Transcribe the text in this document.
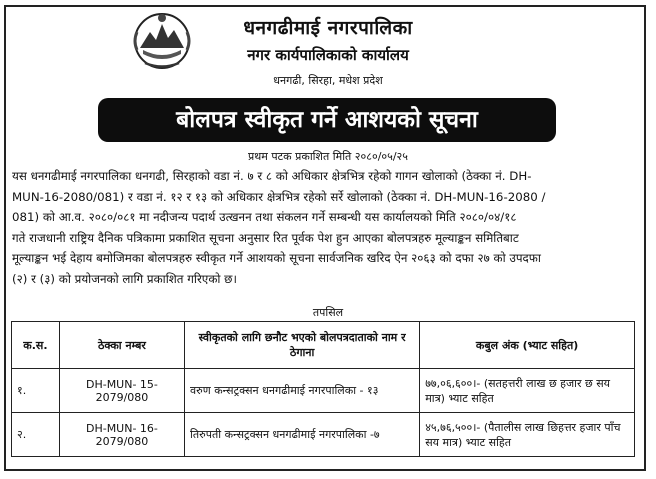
धनगढीमाई नगरपालिका
नगर कार्यपालिकाको कार्यालय
धनगढी, सिरहा, मधेश प्रदेश
बोलपत्र स्वीकृत गर्ने आशयको सूचना
प्रथम पटक प्रकाशित मिति २०८०/०५/२५
यस धनगढीमाई नगरपालिका धनगढी, सिरहाको वडा नं. ७ र ८ को अधिकार क्षेत्रभित्र रहेको गागन खोलाको (ठेक्का नं. DH-
MUN-16-2080/081) र वडा नं. १२ र १३ को अधिकार क्षेत्रभित्र रहेको सर्रे खोलाको (ठेक्का नं. DH-MUN-16-2080 /
081) को आ.व. २०८०/०८१ मा नदीजन्य पदार्थ उत्खनन तथा संकलन गर्ने सम्बन्धी यस कार्यालयको मिति २०८०/०४/१८
गते राजधानी राष्ट्रिय दैनिक पत्रिकामा प्रकाशित सूचना अनुसार रित पूर्वक पेश हुन आएका बोलपत्रहरु मूल्याङ्कन समितिबाट
मूल्याङ्कन भई देहाय बमोजिमका बोलपत्रहरु स्वीकृत गर्ने आशयको सूचना सार्वजनिक खरिद ऐन २०६३ को दफा २७ को उपदफा
(२) र (३) को प्रयोजनको लागि प्रकाशित गरिएको छ।
तपसिल
क.स.	ठेक्का नम्बर	स्वीकृतको लागि छनौट भएको बोलपत्रदाताको नाम र ठेगाना	कबुल अंक (भ्याट सहित)
१.	DH-MUN- 15-2079/080	वरुण कन्सट्रक्सन धनगढीमाई नगरपालिका - १३	७७,०६,६००।- (सतहत्तरी लाख छ हजार छ सय मात्र) भ्याट सहित
२.	DH-MUN- 16-2079/080	तिरुपती कन्सट्रक्सन धनगढीमाई नगरपालिका -७	४५,७६,५००।- (पैतालीस लाख छिहत्तर हजार पाँच सय मात्र) भ्याट सहित
